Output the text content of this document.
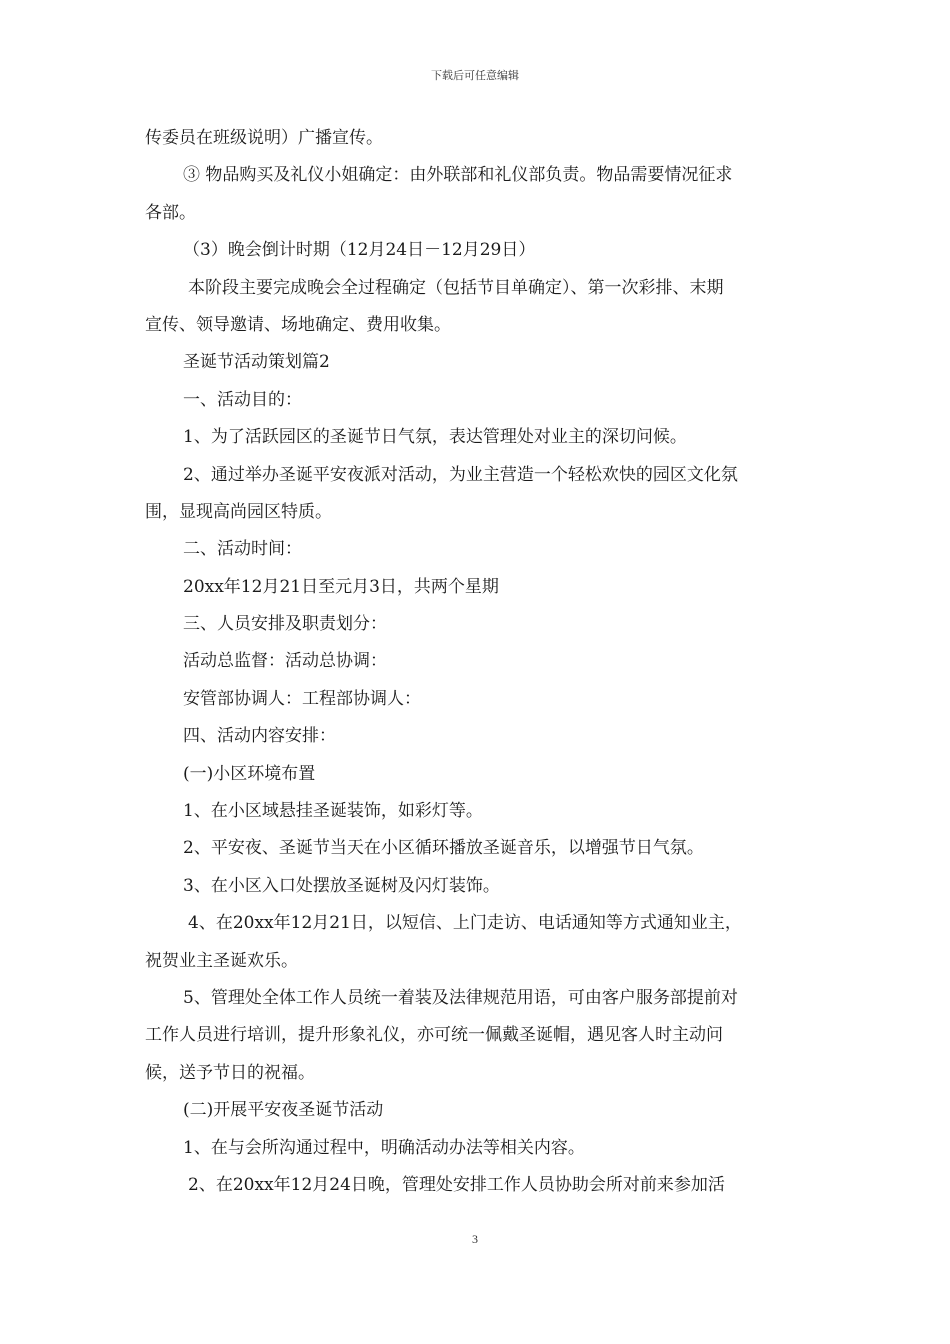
下载后可任意编辑
传委员在班级说明）广播宣传。
③ 物品购买及礼仪小姐确定：由外联部和礼仪部负责。物品需要情况征求
各部。
（3）晚会倒计时期（12月24日－12月29日）
本阶段主要完成晚会全过程确定（包括节目单确定）、第一次彩排、末期
宣传、领导邀请、场地确定、费用收集。
圣诞节活动策划篇2
一、活动目的：
1、为了活跃园区的圣诞节日气氛，表达管理处对业主的深切问候。
2、通过举办圣诞平安夜派对活动，为业主营造一个轻松欢快的园区文化氛
围，显现高尚园区特质。
二、活动时间：
20xx年12月21日至元月3日，共两个星期
三、人员安排及职责划分：
活动总监督：活动总协调：
安管部协调人：工程部协调人：
四、活动内容安排：
(一)小区环境布置
1、在小区域悬挂圣诞装饰，如彩灯等。
2、平安夜、圣诞节当天在小区循环播放圣诞音乐，以增强节日气氛。
3、在小区入口处摆放圣诞树及闪灯装饰。
4、在20xx年12月21日，以短信、上门走访、电话通知等方式通知业主，
祝贺业主圣诞欢乐。
5、管理处全体工作人员统一着装及法律规范用语，可由客户服务部提前对
工作人员进行培训，提升形象礼仪，亦可统一佩戴圣诞帽，遇见客人时主动问
候，送予节日的祝福。
(二)开展平安夜圣诞节活动
1、在与会所沟通过程中，明确活动办法等相关内容。
2、在20xx年12月24日晚，管理处安排工作人员协助会所对前来参加活
3
